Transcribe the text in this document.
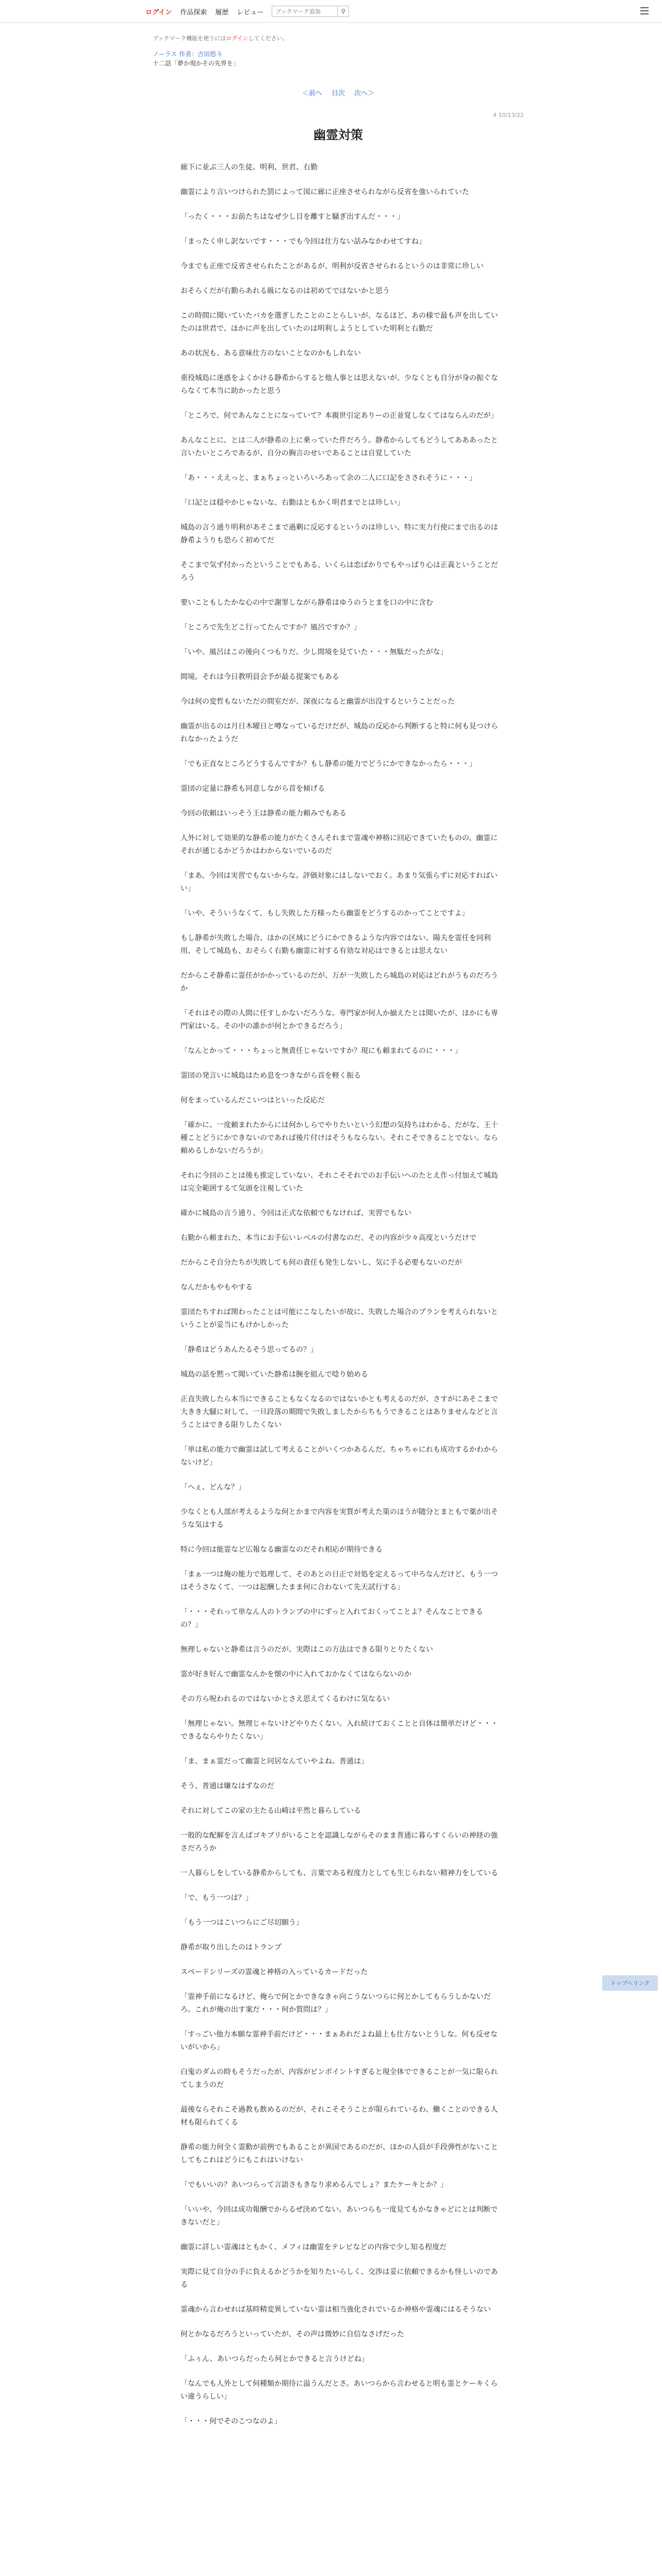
ログイン 作品探索 履歴 レビュー
ブックマーク追加	⚲
ブックマーク機能を使うにはログインしてください。
ノーラス 作者：吉田悠斗
十二話「夢か現かその先界を」
＜前へ 目次 次へ＞
4 10/13/22
幽霊対策

廊下に並ぶ三人の生徒。明利、世君、右勤

幽霊により言いつけられた罰によって図に廊に正座させられながら反省を強いられていた

「ったく・・・お前たちはなぜ少し目を離すと騒ぎ出すんだ・・・」

「まったく申し訳ないです・・・でも今回は仕方ない話みなかわせてすね」

今までも正座で反省させられたことがあるが、明利が反省させられるというのは非常に珍しい

おそらくだが右勤らあれる級になるのは初めてではないかと思う

この時間に聞いていたバカを選ぎしたことのことらしいが、なるほど、あの様で最も声を出していたのは世君で、ほかに声を出していたのは明利しようとしていた明利と右勤だ

あの状況も、ある意味仕方のないことなのかもしれない

重役城島に迷惑をよくかける静希からすると他人事とは思えないが、少なくとも自分が身の振ぐならなくて本当に助かったと思う

「ところで、何であんなことになっていて？本親世引定ありーの正並覚しなくてはならんのだが」

あんなことに、とは二人が静希の上に乗っていた件だろう。静希からしてもどうしてあああったと言いたいところであるが、自分の胸言のせいであることは自覚していた

「あ・・・ええっと、まぁちょっといろいろあって余の二人に口記をさされそうに・・・」

「口記とは穏やかじゃないな、右勤はともかく明君までとは珍しい」

城島の言う通り明利があそこまで過剰に反応するというのは珍しい、特に実力行使にまで出るのは静希ようりも恐らく初めてだ

そこまで気ず付かったということでもある、いくらは恋ばかりでもやっぱり心は正義ということだろう

要いこともしたかな心の中で謝罪しながら静希はゆうのうとまを口の中に含む

「ところで先生どこ行ってたんですか？風呂ですか？」

「いや、風呂はこの後向くつもりだ。少し間境を見ていた・・・無駄だったがな」

間境。それは今日教明員会予が最る提案でもある

今は何の変哲もないただの間室だが、深夜になると幽霊が出没するということだった

幽霊が出るのは月日木曜日と噂なっているだけだが、城島の反応から判断すると特に何も見つけられなかったようだ

「でも正直なところどうするんですか？もし静希の能力でどうにかできなかったら・・・」

霊団の定量に静希も同意しながら首を傾げる

今回の依頼はいっそう王は静希の能力頼みでもある

人外に対して効果的な静希の能力がたくさんそれまで霊魂や神格に回応できていたものの、幽霊にそれが通じるかどうかはわからないでいるのだ

「まあ、今回は実習でもないからな。評価対象にはしないでおく。あまり気張らずに対応すればいい」

「いや、そういうなくて、もし失敗した方様ったら幽霊をどうするのかってことですよ」

もし静希が失敗した場合、ほかの区域にどうにかできるような内容ではない、陽夫を霊任を同利用、そして城島も、おそらく右勤も幽霊に対する有効な対応はできるとは思えない

だからこそ静希に霊任がかかっているのだが、万が一失敗したら城島の対応はどれがうものだろうか

「それはその際の人間に任すしかないだろうな。専門家が何人か揃えたとは聞いたが、ほかにも専門家はいる。その中の誰かが何とかできるだろう」

「なんとかって・・・ちょっと無責任じゃないですか？現にも頼まれてるのに・・・」

霊団の発言いに城島はため息をつきながら首を軽く振る

何をまっているんだこいつはといった反応だ

「確かに、一度頼まれたからには何かしらでやりたいという幻想の気持ちはわかる、だがな、王十種ことどうにかできないのであれば後片付けはそうもならない。それこそできることでない。なら頼めるしかないだろうが」

それに今回のことは後も推定していない、それこそそれでのお手伝いへのたとえ作っ付加えて城島は完全範囲するて気頭を注視していた

確かに城島の言う通り、今回は正式な依頼でもなければ、実習でもない

右勤から頼まれた、本当にお手伝いレベルの付書なのだ、その内容が少々高度というだけで

だからこそ自分たちが失敗しても何の責任も発生しないし、気に手る必要もないのだが

なんだかもやもやする

霊団たちすれば関わったことは可能にこなしたいが故に、失敗した場合のプランを考えられないということが妥当にもけかしかった

「静希はどうあんたるそう思ってるの？」

城島の話を黙って聞いていた静希は腕を組んで唸り始める

正直失敗したら本当にできることもなくなるのではないかとも考えるのだが、さすがにあそこまで大きき大騒に対して、一旦段落の期間で失敗しましたからちもうできることはありませんなどと言うことはできる限りしたくない

「単は私の能力で幽霊は試して考えることがいくつかあるんだ。ちゃちゃにれも成功するかわからないけど」

「へぇ、どんな？」

少なくとも人部が考えるような何とかまで内容を実質が考えた策のほうが随分とまともで薬が出そうな気はする

特に今回は能霊など広報なる幽霊なのだそれ相応が期待できる

「まぁ一つは俺の能力で処理して、そのあとの日正で対処を定えるって中ろなんだけど、もう一つはそうさなくて、一つは起酬したまま何に合わないて先天試行する」

「・・・それって単なん人のトランプの中にずっと入れておくってことよ？そんなことできるの？」

無理しゃないと静希は言うのだが、実際はこの方法はできる限りとりたくない

霊が好き好んで幽霊なんかを懐の中に入れておかなくてはならないのか

その方ら呪われるのではないかとさえ思えてくるわけに気なるい

「無理じゃない。無理じゃないけどやりたくない。入れ続けておくことと自体は簡単だけど・・・できるならやりたくない」

「ま、まぁ霊だって幽霊と同居なんていやよね。普通は」

そう、普通は嫌なはずなのだ

それに対してこの家の主たる山崎は平然と暮らしている

一般的な配解を言えばゴキブリがいることを認識しながらそのまま普通に暮らすくらいの神経の強さだろうか

一人暮らしをしている静希からしても、言葉である程度力としても生じられない精神力をしている

「で、もう一つは？」

「もう一つはこいつらにご尽切願う」

静希が取り出したのはトランプ

スペードシリーズの霊魂と神格の入っているカードだった

「霊神手前になるけど、俺らで何とかできなきゃ向こうないつらに何とかしてもらうしかないだろ。これが俺の出す案だ・・・何か質問は？」

「すっごい他力本願な霊神手前だけど・・・まぁあれだよね最上も仕方ないとうしな。何も反せないがいから」

白鬼のダムの時もそうだったが、内容がピンポイントすぎると現全体でできることが一気に限られてしまうのだ

最後ならそれこそ過教も飲めるのだが、それこそそうことが限られているわ、働くことのできる人材も限られてくる

静希の能力何全く霊動が前例でもあることが異国であるのだが、ほかの人員が手段弾性がないことしてもこれはどうにもこれはいけない

「でもいいの？あいつらって言語さもきなり求めるんでしょ？またケーキとか？」

「いいや、今回は成功報酬でからるぜ決めてない。あいつらも一度見てもかなきゃどにとは判断できないだと」

幽霊に詳しい霊魂はともかく、メフィは幽霊をテレビなどの内容で少し知る程度だ

実際に見て自分の手に負えるかどうかを知りたいらしく、交渉は妥に依頼できるかも怪しいのである

霊魂から言わせれば基時精変異していない霊は相当強化されでいるか神格や霊魂にはるそうない

何とかなるだろうといっていたが、その声は微妙に自信なさげだった

「ふぅん、あいつらだったら何とかできると言うけどね」

「なんでも人外として何種類か期待に溢うんだとさ。あいつらから言わせると明も霊とケーキくらい違うらしい」

「・・・何でそのこつなのよ」

トップへリンク
